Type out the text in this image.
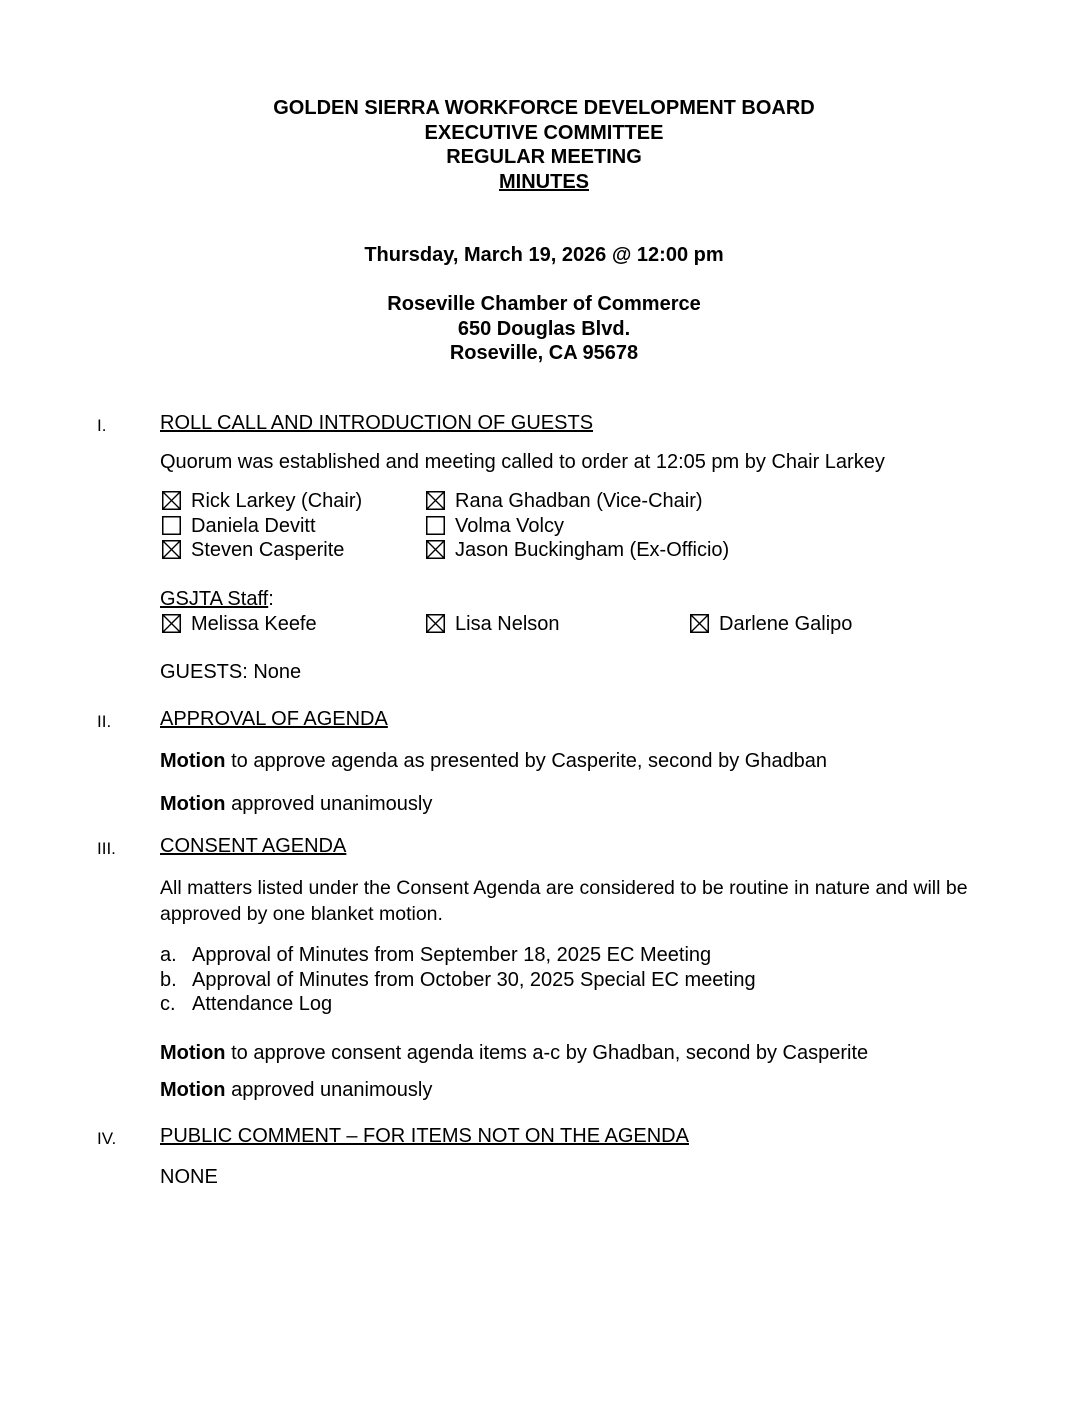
GOLDEN SIERRA WORKFORCE DEVELOPMENT BOARD
EXECUTIVE COMMITTEE
REGULAR MEETING
MINUTES
Thursday, March 19, 2026 @ 12:00 pm
Roseville Chamber of Commerce
650 Douglas Blvd.
Roseville, CA 95678
I.	ROLL CALL AND INTRODUCTION OF GUESTS
Quorum was established and meeting called to order at 12:05 pm by Chair Larkey
Rick Larkey (Chair)	Rana Ghadban (Vice-Chair)
Daniela Devitt	Volma Volcy
Steven Casperite	Jason Buckingham (Ex-Officio)
GSJTA Staff:
Melissa Keefe	Lisa Nelson	Darlene Galipo
GUESTS: None
II. APPROVAL OF AGENDA
Motion to approve agenda as presented by Casperite, second by Ghadban
Motion approved unanimously
III. CONSENT AGENDA
All matters listed under the Consent Agenda are considered to be routine in nature and will be approved by one blanket motion.
a. Approval of Minutes from September 18, 2025 EC Meeting
b. Approval of Minutes from October 30, 2025 Special EC meeting
c. Attendance Log
Motion to approve consent agenda items a-c by Ghadban, second by Casperite
Motion approved unanimously
IV. PUBLIC COMMENT – FOR ITEMS NOT ON THE AGENDA
NONE
